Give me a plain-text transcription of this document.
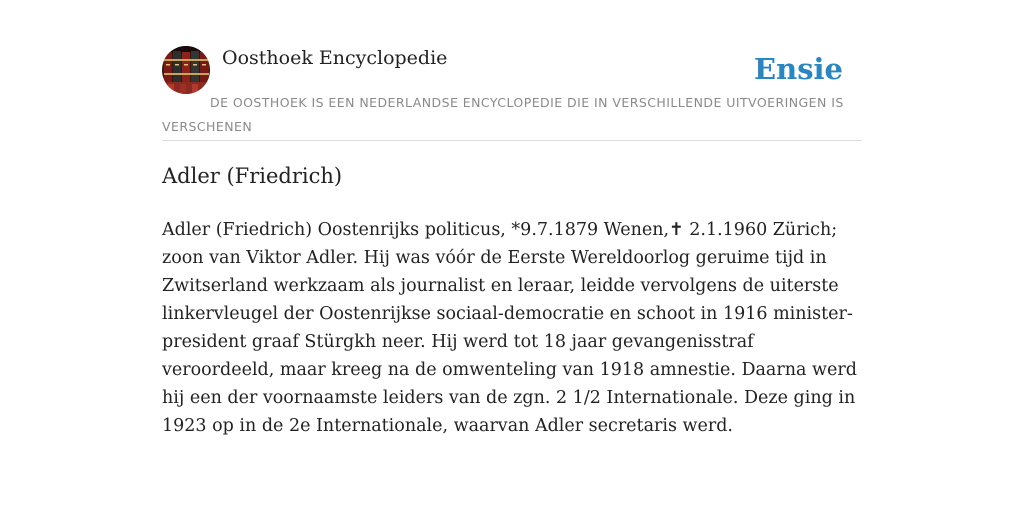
Oosthoek Encyclopedie	Ensie
DE OOSTHOEK IS EEN NEDERLANDSE ENCYCLOPEDIE DIE IN VERSCHILLENDE UITVOERINGEN IS VERSCHENEN
Adler (Friedrich)

Adler (Friedrich) Oostenrijks politicus, *9.7.1879 Wenen,✝ 2.1.1960 Zürich; zoon van Viktor Adler. Hij was vóór de Eerste Wereldoorlog geruime tijd in Zwitserland werkzaam als journalist en leraar, leidde vervolgens de uiterste linkervleugel der Oostenrijkse sociaal-democratie en schoot in 1916 minister-president graaf Stürgkh neer. Hij werd tot 18 jaar gevangenisstraf veroordeeld, maar kreeg na de omwenteling van 1918 amnestie. Daarna werd hij een der voornaamste leiders van de zgn. 2 1/2 Internationale. Deze ging in 1923 op in de 2e Internationale, waarvan Adler secretaris werd.
